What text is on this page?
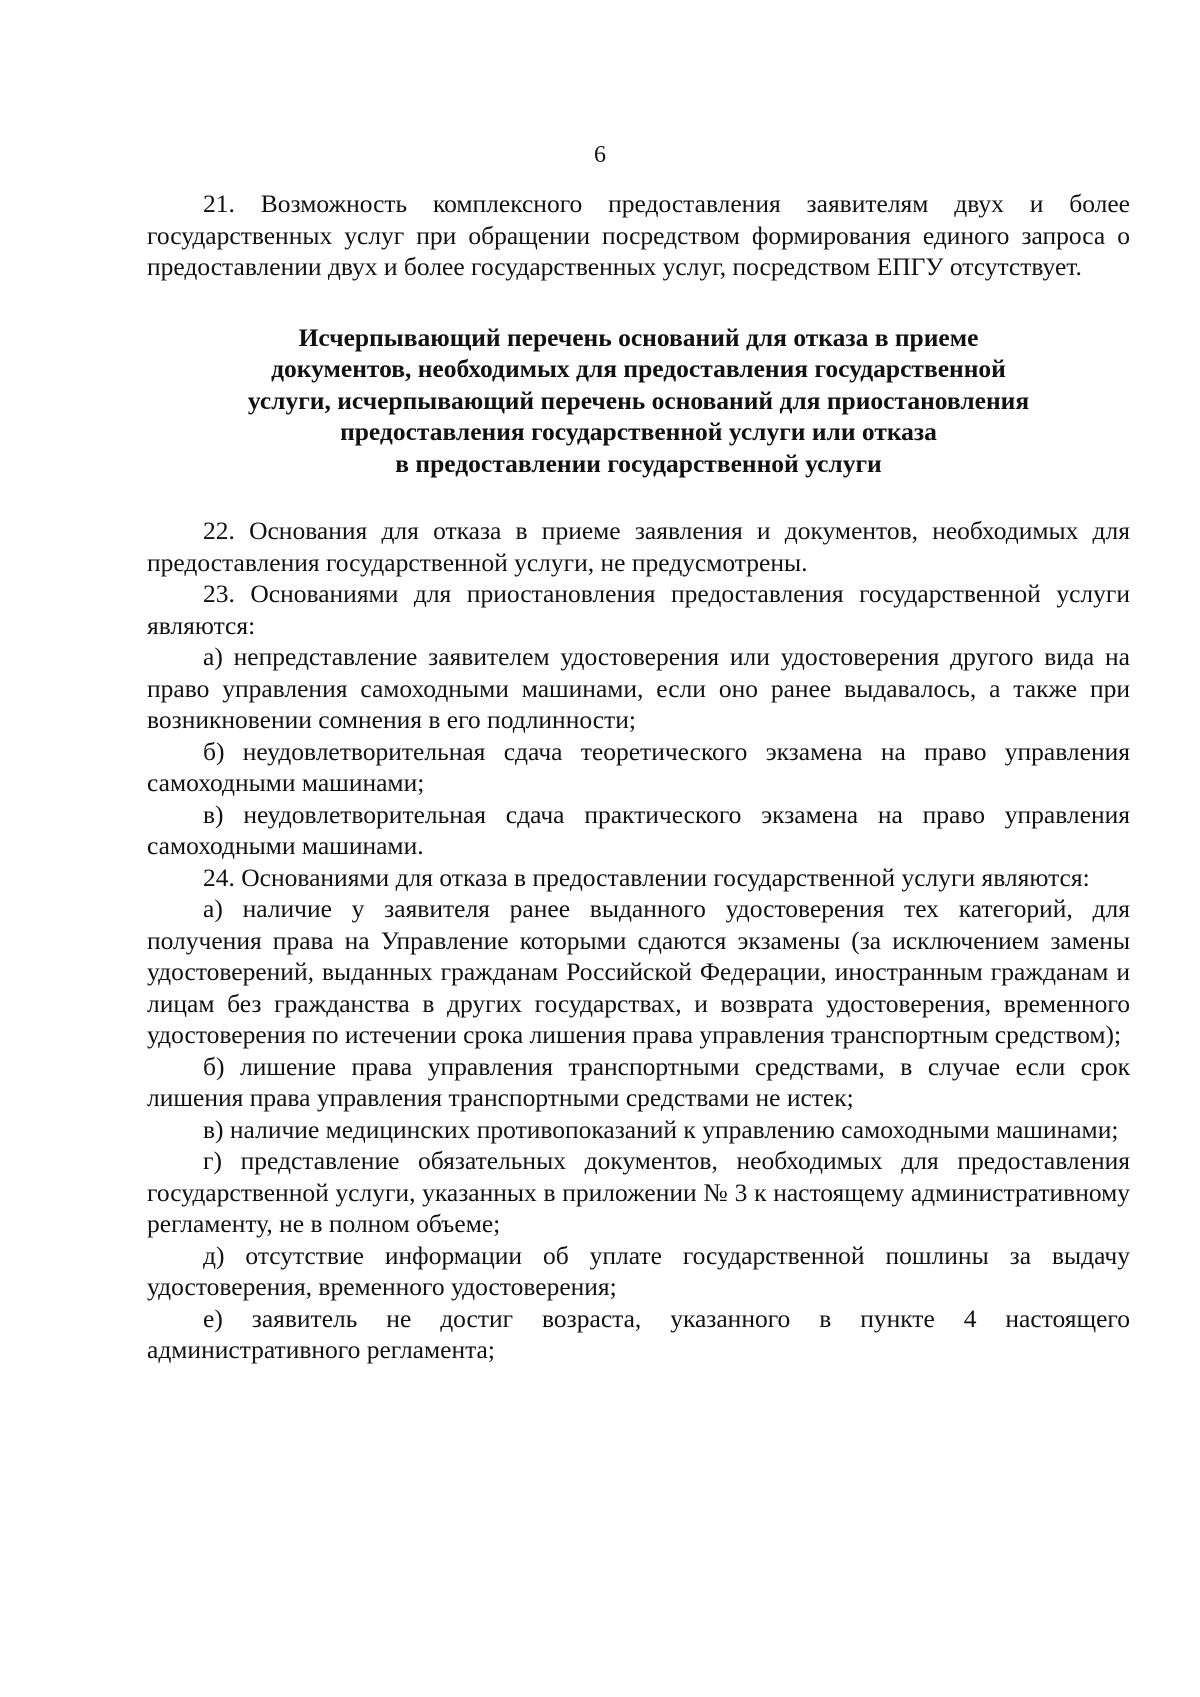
6

21. Возможность комплексного предоставления заявителям двух и более государственных услуг при обращении посредством формирования единого запроса о предоставлении двух и более государственных услуг, посредством ЕПГУ отсутствует.

Исчерпывающий перечень оснований для отказа в приеме
документов, необходимых для предоставления государственной
услуги, исчерпывающий перечень оснований для приостановления
предоставления государственной услуги или отказа
в предоставлении государственной услуги

22. Основания для отказа в приеме заявления и документов, необходимых для предоставления государственной услуги, не предусмотрены.

23. Основаниями для приостановления предоставления государственной услуги являются:

а) непредставление заявителем удостоверения или удостоверения другого вида на право управления самоходными машинами, если оно ранее выдавалось, а также при возникновении сомнения в его подлинности;

б) неудовлетворительная сдача теоретического экзамена на право управления самоходными машинами;

в) неудовлетворительная сдача практического экзамена на право управления самоходными машинами.

24. Основаниями для отказа в предоставлении государственной услуги являются:

а) наличие у заявителя ранее выданного удостоверения тех категорий, для получения права на Управление которыми сдаются экзамены (за исключением замены удостоверений, выданных гражданам Российской Федерации, иностранным гражданам и лицам без гражданства в других государствах, и возврата удостоверения, временного удостоверения по истечении срока лишения права управления транспортным средством);

б) лишение права управления транспортными средствами, в случае если срок лишения права управления транспортными средствами не истек;

в) наличие медицинских противопоказаний к управлению самоходными машинами;

г) представление обязательных документов, необходимых для предоставления государственной услуги, указанных в приложении № 3 к настоящему административному регламенту, не в полном объеме;

д) отсутствие информации об уплате государственной пошлины за выдачу удостоверения, временного удостоверения;

е) заявитель не достиг возраста, указанного в пункте 4 настоящего административного регламента;
